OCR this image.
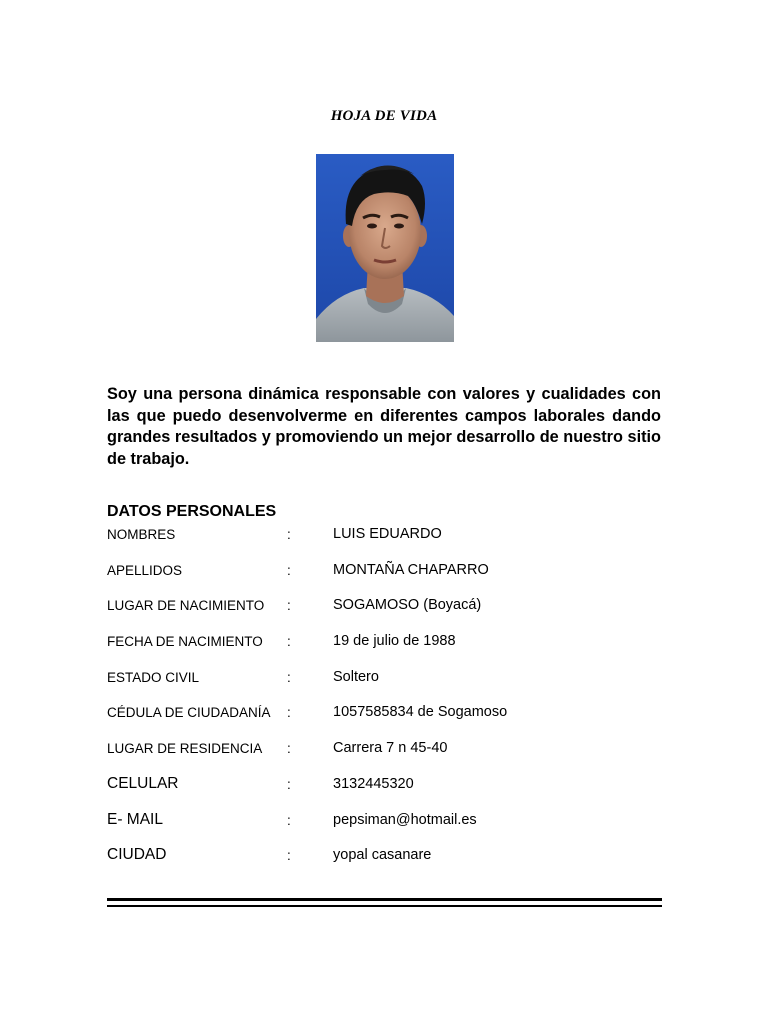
HOJA DE VIDA
Soy una persona dinámica responsable con valores y cualidades con las que puedo desenvolverme en diferentes campos laborales dando grandes resultados y promoviendo un mejor desarrollo de nuestro sitio de trabajo.
DATOS PERSONALES
NOMBRES	:	LUIS EDUARDO
APELLIDOS	:	MONTAÑA CHAPARRO
LUGAR DE NACIMIENTO :	SOGAMOSO (Boyacá)
FECHA DE NACIMIENTO :	19 de julio de 1988
ESTADO CIVIL	:	Soltero
CÉDULA DE CIUDADANÍA :	1057585834 de Sogamoso
LUGAR DE RESIDENCIA :	Carrera 7 n 45-40
CELULAR	:	3132445320
E- MAIL	:	pepsiman@hotmail.es
CIUDAD	:	yopal casanare
